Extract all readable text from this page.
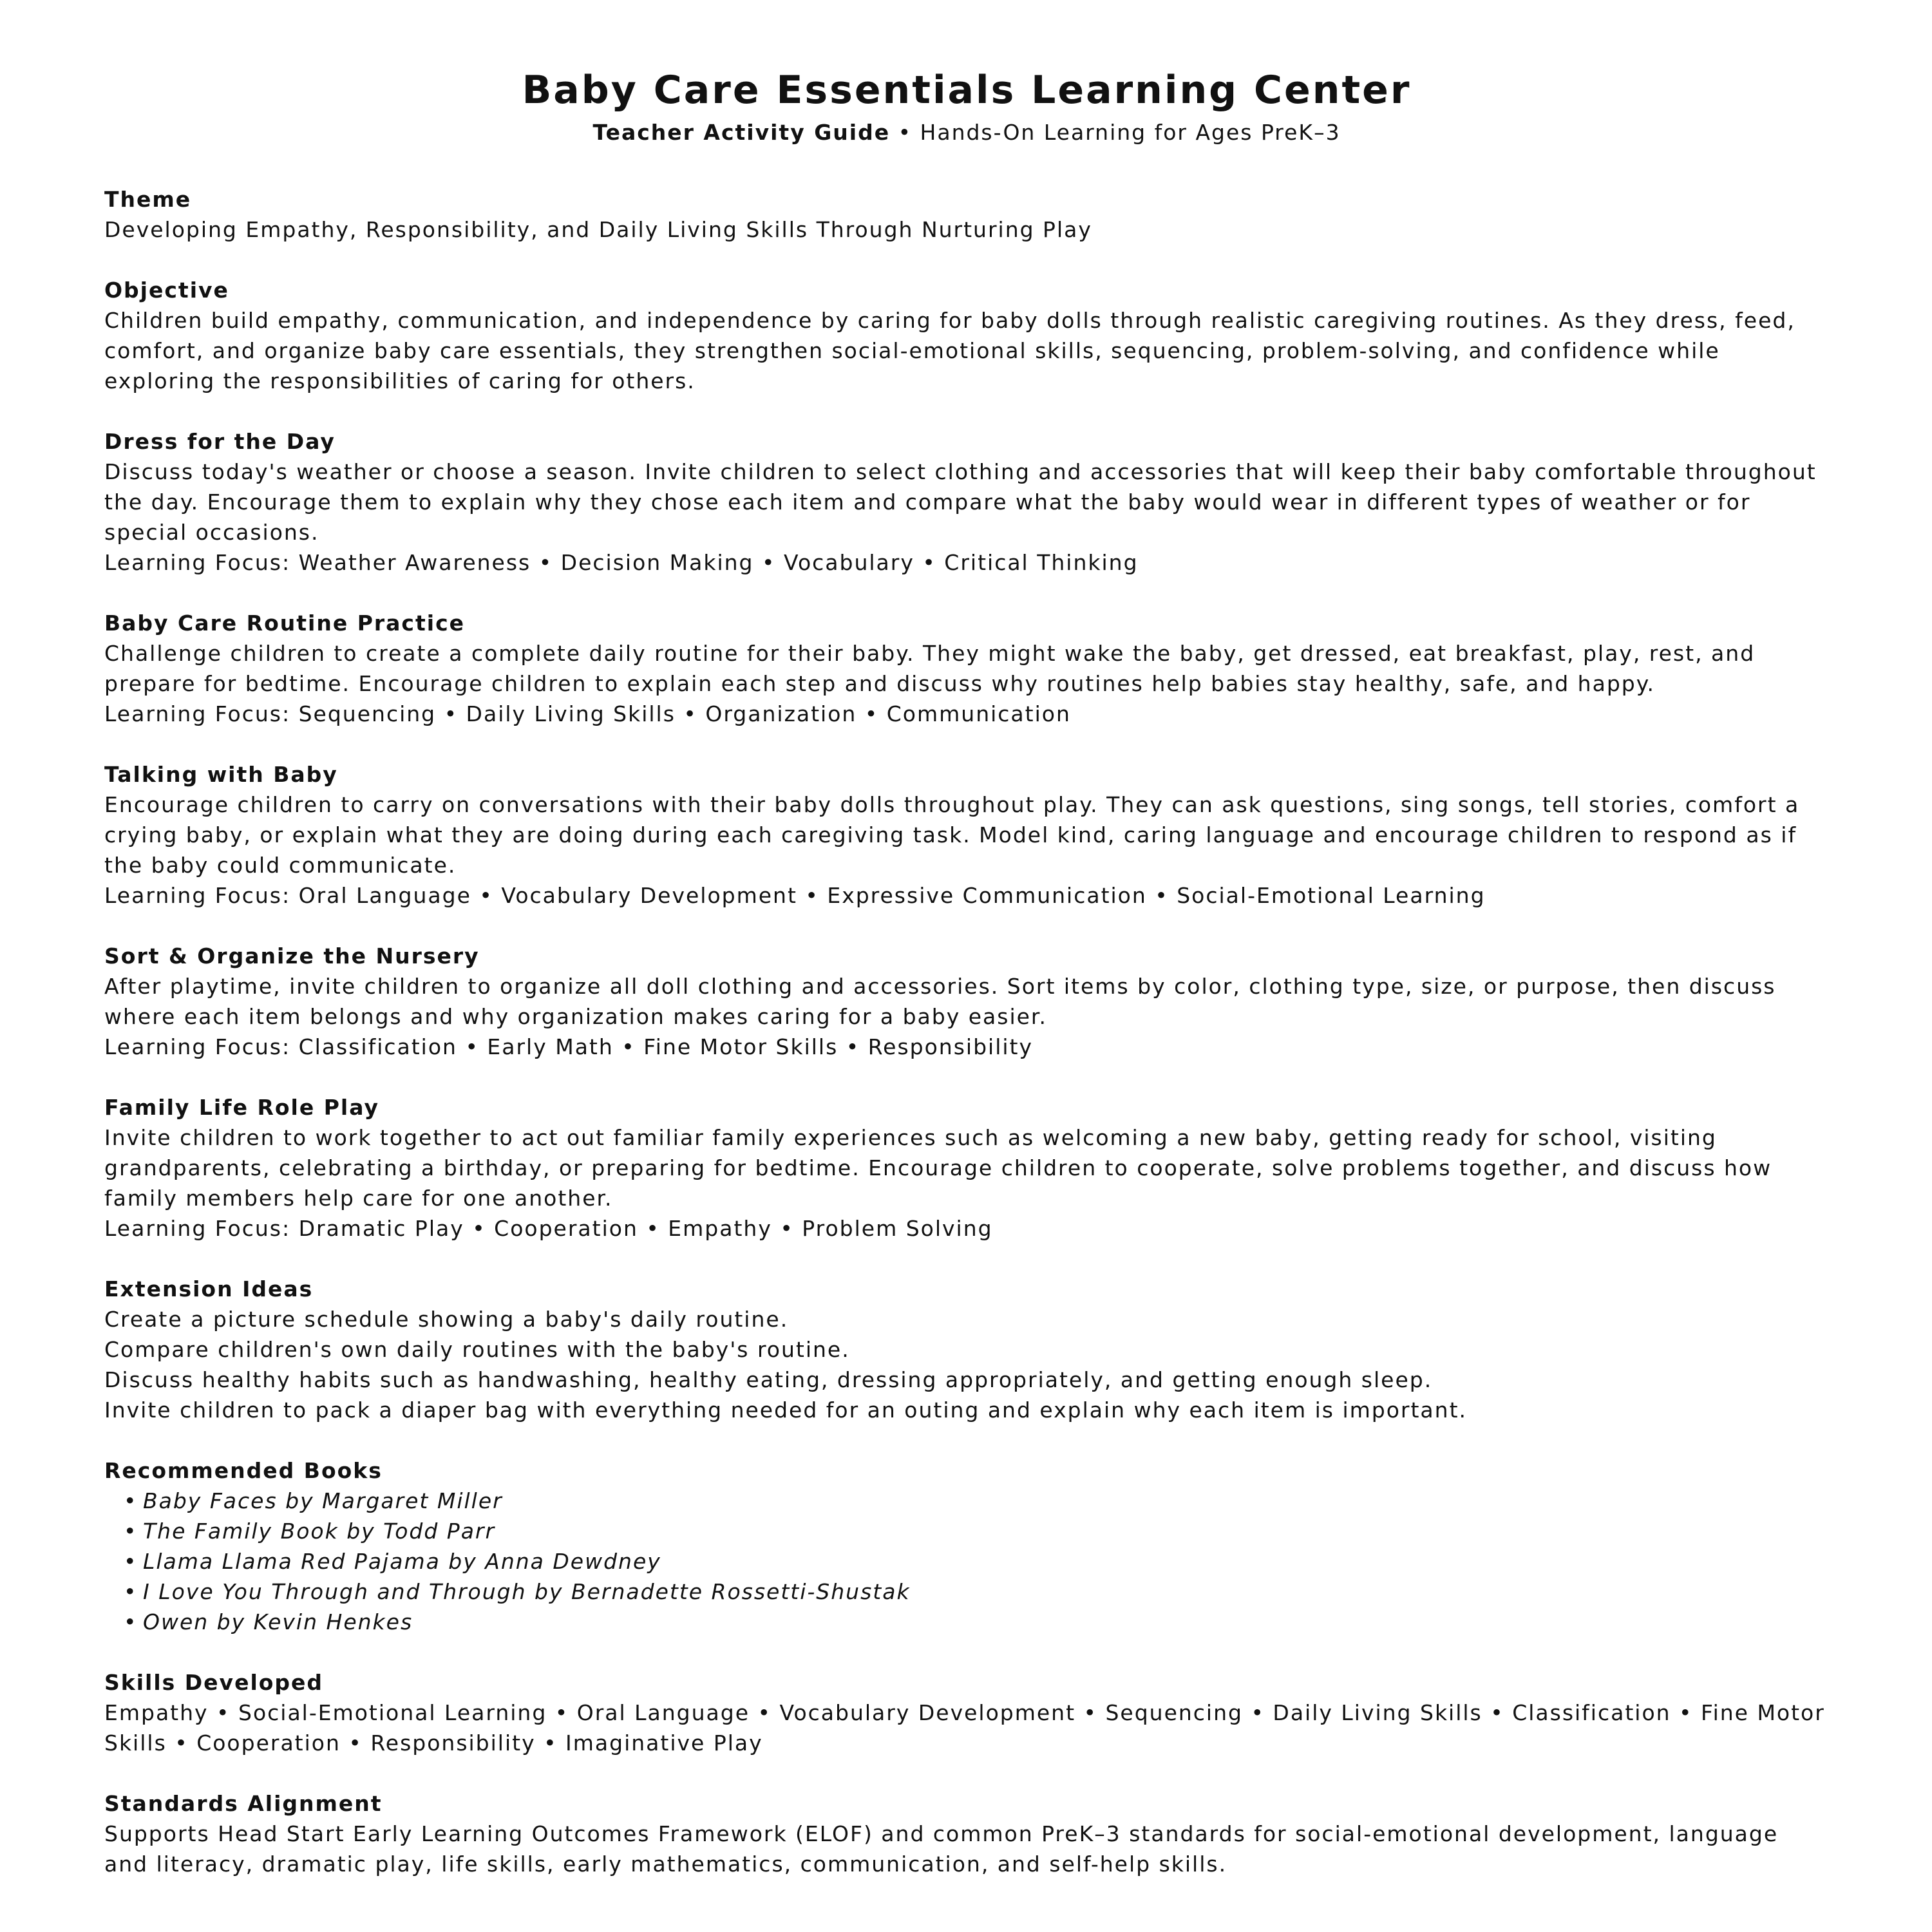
Baby Care Essentials Learning Center
Teacher Activity Guide • Hands-On Learning for Ages PreK–3
Theme
Developing Empathy, Responsibility, and Daily Living Skills Through Nurturing Play
Objective
Children build empathy, communication, and independence by caring for baby dolls through realistic caregiving routines. As they dress, feed, comfort, and organize baby care essentials, they strengthen social-emotional skills, sequencing, problem-solving, and confidence while exploring the responsibilities of caring for others.
Dress for the Day
Discuss today's weather or choose a season. Invite children to select clothing and accessories that will keep their baby comfortable throughout the day. Encourage them to explain why they chose each item and compare what the baby would wear in different types of weather or for special occasions.
Learning Focus: Weather Awareness • Decision Making • Vocabulary • Critical Thinking
Baby Care Routine Practice
Challenge children to create a complete daily routine for their baby. They might wake the baby, get dressed, eat breakfast, play, rest, and prepare for bedtime. Encourage children to explain each step and discuss why routines help babies stay healthy, safe, and happy.
Learning Focus: Sequencing • Daily Living Skills • Organization • Communication
Talking with Baby
Encourage children to carry on conversations with their baby dolls throughout play. They can ask questions, sing songs, tell stories, comfort a crying baby, or explain what they are doing during each caregiving task. Model kind, caring language and encourage children to respond as if the baby could communicate.
Learning Focus: Oral Language • Vocabulary Development • Expressive Communication • Social-Emotional Learning
Sort & Organize the Nursery
After playtime, invite children to organize all doll clothing and accessories. Sort items by color, clothing type, size, or purpose, then discuss where each item belongs and why organization makes caring for a baby easier.
Learning Focus: Classification • Early Math • Fine Motor Skills • Responsibility
Family Life Role Play
Invite children to work together to act out familiar family experiences such as welcoming a new baby, getting ready for school, visiting grandparents, celebrating a birthday, or preparing for bedtime. Encourage children to cooperate, solve problems together, and discuss how family members help care for one another.
Learning Focus: Dramatic Play • Cooperation • Empathy • Problem Solving
Extension Ideas
Create a picture schedule showing a baby's daily routine.
Compare children's own daily routines with the baby's routine.
Discuss healthy habits such as handwashing, healthy eating, dressing appropriately, and getting enough sleep.
Invite children to pack a diaper bag with everything needed for an outing and explain why each item is important.
Recommended Books
• Baby Faces by Margaret Miller
• The Family Book by Todd Parr
• Llama Llama Red Pajama by Anna Dewdney
• I Love You Through and Through by Bernadette Rossetti-Shustak
• Owen by Kevin Henkes
Skills Developed
Empathy • Social-Emotional Learning • Oral Language • Vocabulary Development • Sequencing • Daily Living Skills • Classification • Fine Motor Skills • Cooperation • Responsibility • Imaginative Play
Standards Alignment
Supports Head Start Early Learning Outcomes Framework (ELOF) and common PreK–3 standards for social-emotional development, language and literacy, dramatic play, life skills, early mathematics, communication, and self-help skills.
